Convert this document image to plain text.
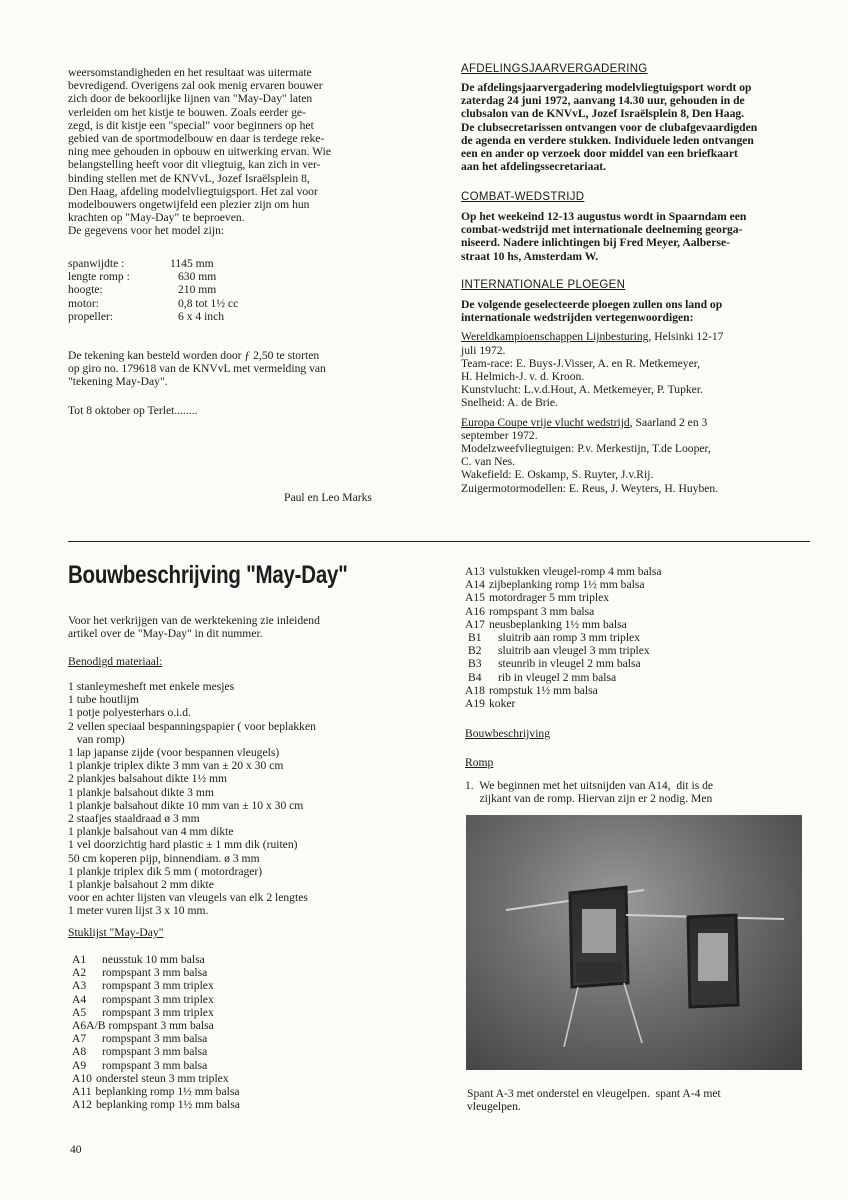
weersomstandigheden en het resultaat was uitermate
bevredigend. Overigens zal ook menig ervaren bouwer
zich door de bekoorlijke lijnen van "May-Day" laten
verleiden om het kistje te bouwen. Zoals eerder ge-
zegd, is dit kistje een "special" voor beginners op het
gebied van de sportmodelbouw en daar is terdege reke-
ning mee gehouden in opbouw en uitwerking ervan. Wie
belangstelling heeft voor dit vliegtuig, kan zich in ver-
binding stellen met de KNVvL, Jozef Israëlsplein 8,
Den Haag, afdeling modelvliegtuigsport. Het zal voor
modelbouwers ongetwijfeld een plezier zijn om hun
krachten op "May-Day" te beproeven.
De gegevens voor het model zijn:
spanwijdte :	1145 mm
lengte romp :	630 mm
hoogte:	210 mm
motor:	0,8 tot 1½ cc
propeller:	6 x 4 inch
De tekening kan besteld worden door ƒ 2,50 te storten
op giro no. 179618 van de KNVvL met vermelding van
"tekening May-Day".
Tot 8 oktober op Terlet........
Paul en Leo Marks
AFDELINGSJAARVERGADERING
De afdelingsjaarvergadering modelvliegtuigsport wordt op
zaterdag 24 juni 1972, aanvang 14.30 uur, gehouden in de
clubsalon van de KNVvL, Jozef Israëlsplein 8, Den Haag.
De clubsecretarissen ontvangen voor de clubafgevaardigden
de agenda en verdere stukken. Individuele leden ontvangen
een en ander op verzoek door middel van een briefkaart
aan het afdelingssecretariaat.
COMBAT-WEDSTRIJD
Op het weekeind 12-13 augustus wordt in Spaarndam een
combat-wedstrijd met internationale deelneming georga-
niseerd. Nadere inlichtingen bij Fred Meyer, Aalberse-
straat 10 hs, Amsterdam W.
INTERNATIONALE PLOEGEN
De volgende geselecteerde ploegen zullen ons land op
internationale wedstrijden vertegenwoordigen:
Wereldkampioenschappen Lijnbesturing, Helsinki 12-17
juli 1972.
Team-race: E. Buys-J.Visser, A. en R. Metkemeyer,
H. Helmich-J. v. d. Kroon.
Kunstvlucht: L.v.d.Hout, A. Metkemeyer, P. Tupker.
Snelheid: A. de Brie.
Europa Coupe vrije vlucht wedstrijd, Saarland 2 en 3
september 1972.
Modelzweefvliegtuigen: P.v. Merkestijn, T.de Looper,
C. van Nes.
Wakefield: E. Oskamp, S. Ruyter, J.v.Rij.
Zuigermotormodellen: E. Reus, J. Weyters, H. Huyben.
Bouwbeschrijving "May-Day"
Voor het verkrijgen van de werktekening zie inleidend
artikel over de "May-Day" in dit nummer.
Benodigd materiaal:
1 stanleymesheft met enkele mesjes
1 tube houtlijm
1 potje polyesterhars o.i.d.
2 vellen speciaal bespanningspapier ( voor beplakken
van romp)
1 lap japanse zijde (voor bespannen vleugels)
1 plankje triplex dikte 3 mm van ± 20 x 30 cm
2 plankjes balsahout dikte 1½ mm
1 plankje balsahout dikte 3 mm
1 plankje balsahout dikte 10 mm van ± 10 x 30 cm
2 staafjes staaldraad ø 3 mm
1 plankje balsahout van 4 mm dikte
1 vel doorzichtig hard plastic ± 1 mm dik (ruiten)
50 cm koperen pijp, binnendiam. ø 3 mm
1 plankje triplex dik 5 mm ( motordrager)
1 plankje balsahout 2 mm dikte
voor en achter lijsten van vleugels van elk 2 lengtes
1 meter vuren lijst 3 x 10 mm.
Stuklijst "May-Day"
A1	neusstuk 10 mm balsa
A2	rompspant 3 mm balsa
A3	rompspant 3 mm triplex
A4	rompspant 3 mm triplex
A5	rompspant 3 mm triplex
A6A/B rompspant 3 mm balsa
A7	rompspant 3 mm balsa
A8	rompspant 3 mm balsa
A9	rompspant 3 mm balsa
A10 onderstel steun 3 mm triplex
A11 beplanking romp 1½ mm balsa
A12 beplanking romp 1½ mm balsa
A13 vulstukken vleugel-romp 4 mm balsa
A14 zijbeplanking romp 1½ mm balsa
A15 motordrager 5 mm triplex
A16 rompspant 3 mm balsa
A17 neusbeplanking 1½ mm balsa
B1	sluitrib aan romp 3 mm triplex
B2	sluitrib aan vleugel 3 mm triplex
B3	steunrib in vleugel 2 mm balsa
B4	rib in vleugel 2 mm balsa
A18 rompstuk 1½ mm balsa
A19 koker
Bouwbeschrijving
Romp
1.  We beginnen met het uitsnijden van A14,  dit is de
zijkant van de romp. Hiervan zijn er 2 nodig. Men
Spant A-3 met onderstel en vleugelpen.  spant A-4 met
vleugelpen.
40
